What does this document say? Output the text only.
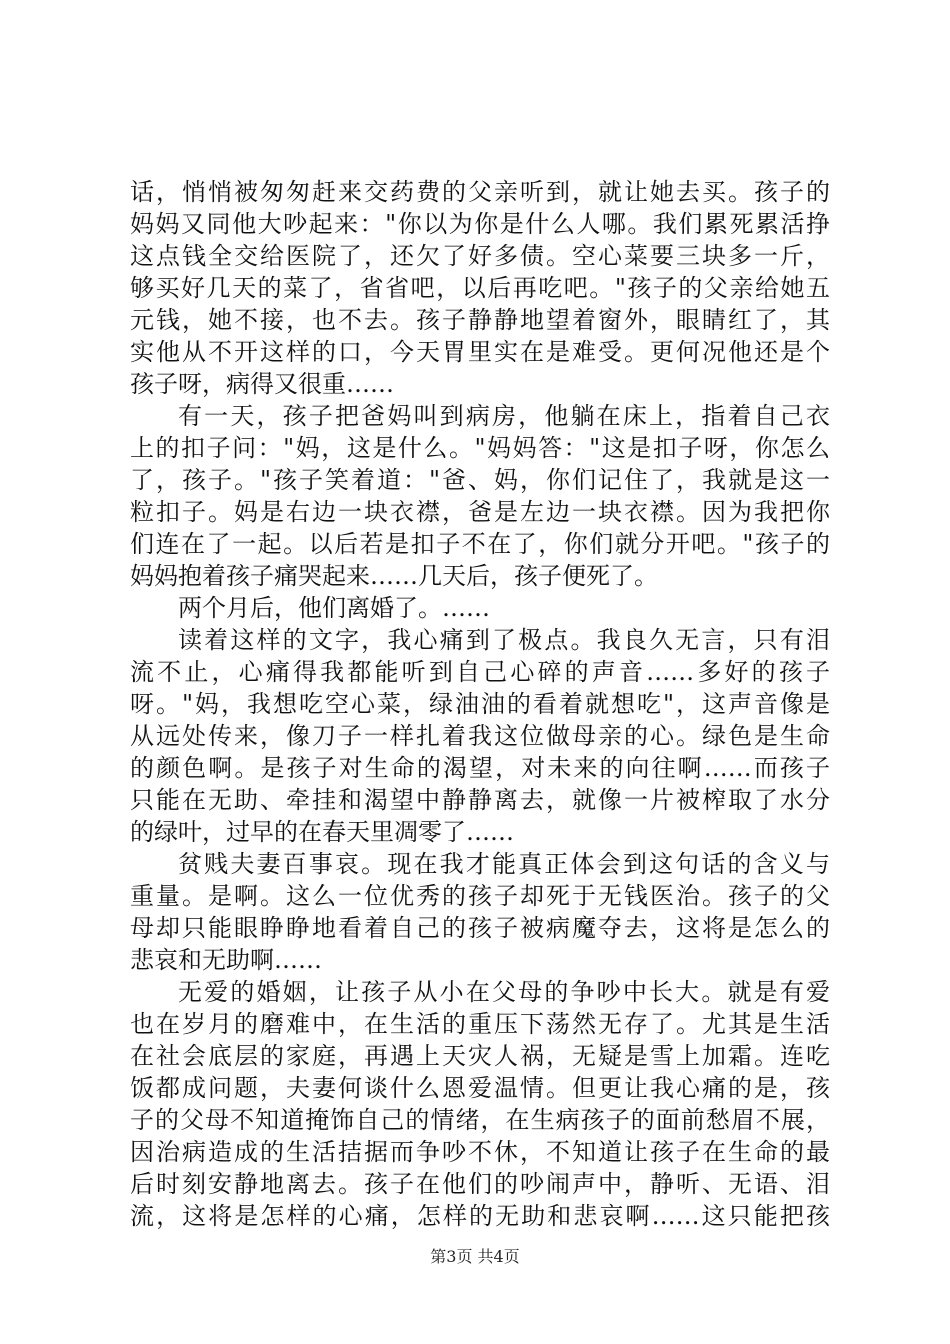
话，悄悄被匆匆赶来交药费的父亲听到，就让她去买。孩子的
妈妈又同他大吵起来："你以为你是什么人哪。我们累死累活挣
这点钱全交给医院了，还欠了好多债。空心菜要三块多一斤，
够买好几天的菜了，省省吧，以后再吃吧。"孩子的父亲给她五
元钱，她不接，也不去。孩子静静地望着窗外，眼睛红了，其
实他从不开这样的口，今天胃里实在是难受。更何况他还是个
孩子呀，病得又很重……
有一天，孩子把爸妈叫到病房，他躺在床上，指着自己衣
上的扣子问："妈，这是什么。"妈妈答："这是扣子呀，你怎么
了，孩子。"孩子笑着道："爸、妈，你们记住了，我就是这一
粒扣子。妈是右边一块衣襟，爸是左边一块衣襟。因为我把你
们连在了一起。以后若是扣子不在了，你们就分开吧。"孩子的
妈妈抱着孩子痛哭起来……几天后，孩子便死了。
两个月后，他们离婚了。……
读着这样的文字，我心痛到了极点。我良久无言，只有泪
流不止，心痛得我都能听到自己心碎的声音……多好的孩子
呀。"妈，我想吃空心菜，绿油油的看着就想吃"，这声音像是
从远处传来，像刀子一样扎着我这位做母亲的心。绿色是生命
的颜色啊。是孩子对生命的渴望，对未来的向往啊……而孩子
只能在无助、牵挂和渴望中静静离去，就像一片被榨取了水分
的绿叶，过早的在春天里凋零了……
贫贱夫妻百事哀。现在我才能真正体会到这句话的含义与
重量。是啊。这么一位优秀的孩子却死于无钱医治。孩子的父
母却只能眼睁睁地看着自己的孩子被病魔夺去，这将是怎么的
悲哀和无助啊……
无爱的婚姻，让孩子从小在父母的争吵中长大。就是有爱
也在岁月的磨难中，在生活的重压下荡然无存了。尤其是生活
在社会底层的家庭，再遇上天灾人祸，无疑是雪上加霜。连吃
饭都成问题，夫妻何谈什么恩爱温情。但更让我心痛的是，孩
子的父母不知道掩饰自己的情绪，在生病孩子的面前愁眉不展，
因治病造成的生活拮据而争吵不休，不知道让孩子在生命的最
后时刻安静地离去。孩子在他们的吵闹声中，静听、无语、泪
流，这将是怎样的心痛，怎样的无助和悲哀啊……这只能把孩
第3页 共4页
